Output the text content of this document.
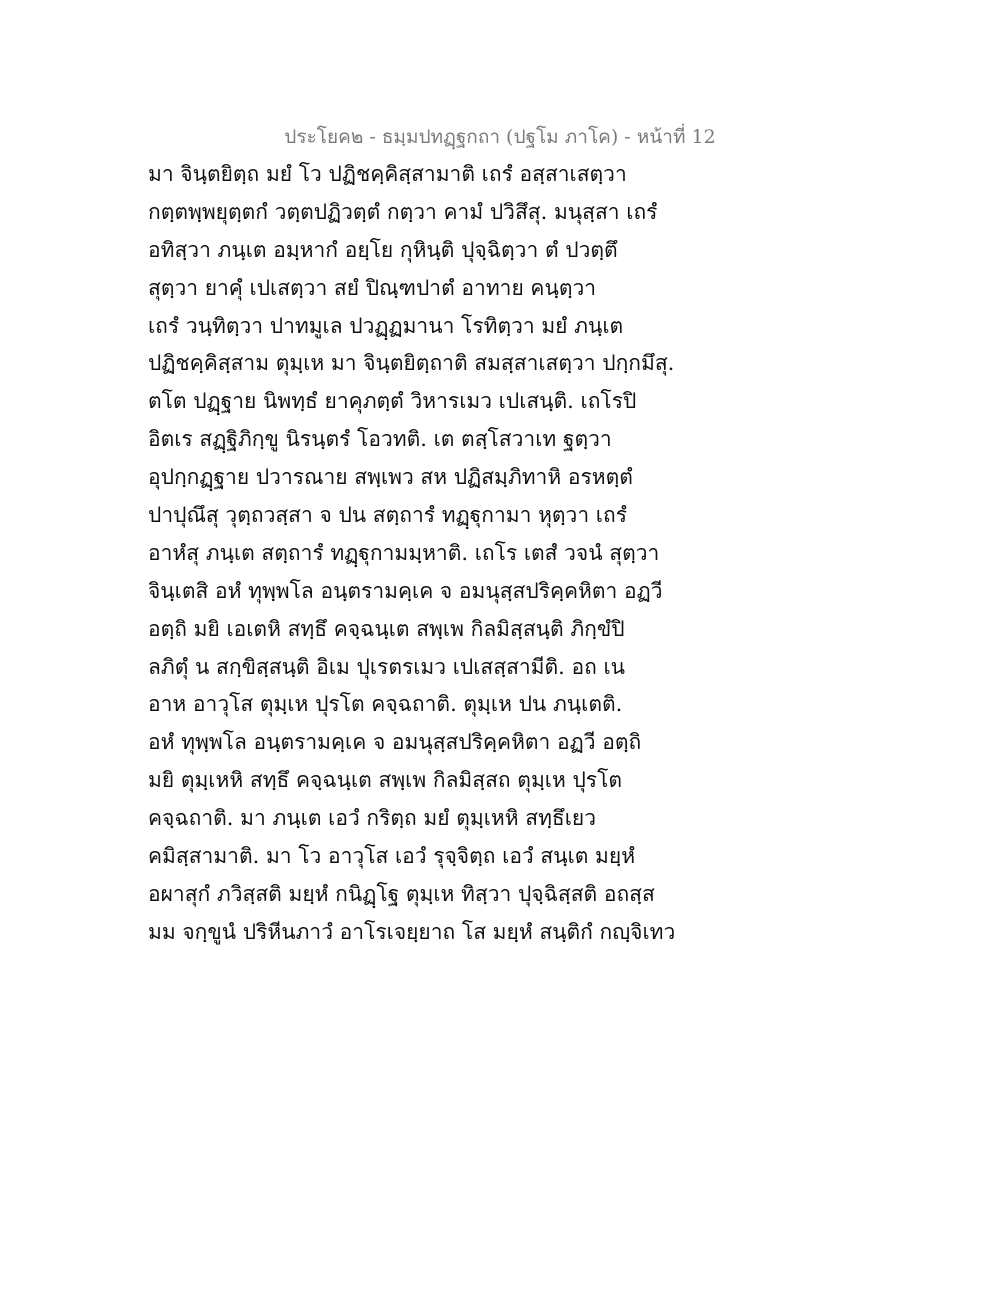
ประโยค๒ - ธมฺมปทฏฺฐกถา (ปฐโม ภาโค) - หน้าที่ 12
มา จินฺตยิตฺถ มยํ โว ปฏิชคฺคิสฺสามาติ เถรํ อสฺสาเสตฺวา
กตฺตพฺพยุตฺตกํ วตฺตปฏิวตฺตํ กตฺวา คามํ ปวิสึสุ. มนุสฺสา เถรํ
อทิสฺวา ภนฺเต อมฺหากํ อยฺโย กุหินฺติ ปุจฺฉิตฺวา ตํ ปวตฺตึ
สุตฺวา ยาคุํ เปเสตฺวา สยํ ปิณฺฑปาตํ อาทาย คนฺตฺวา
เถรํ วนฺทิตฺวา ปาทมูเล ปวฏฺฏมานา โรทิตฺวา มยํ ภนฺเต
ปฏิชคฺคิสฺสาม ตุมฺเห มา จินฺตยิตฺถาติ สมสฺสาเสตฺวา ปกฺกมึสุ.
ตโต ปฏฺฐาย นิพทฺธํ ยาคุภตฺตํ วิหารเมว เปเสนฺติ. เถโรปิ
อิตเร สฏฺฐิภิกฺขู นิรนฺตรํ โอวทติ. เต ตสฺโสวาเท ฐตฺวา
อุปกฺกฏฺฐาย ปวารณาย สพฺเพว สห ปฏิสมฺภิทาหิ อรหตฺตํ
ปาปุณึสุ วุตฺถวสฺสา จ ปน สตฺถารํ ทฏฺฐุกามา หุตฺวา เถรํ
อาหํสุ ภนฺเต สตฺถารํ ทฏฺฐุกามมฺหาติ. เถโร เตสํ วจนํ สุตฺวา
จินฺเตสิ อหํ ทุพฺพโล อนฺตรามคฺเค จ อมนุสฺสปริคฺคหิตา อฏวี
อตฺถิ มยิ เอเตหิ สทฺธึ คจฺฉนฺเต สพฺเพ กิลมิสฺสนฺติ ภิกฺขํปิ
ลภิตุํ น สกฺขิสฺสนฺติ อิเม ปุเรตรเมว เปเสสฺสามีติ. อถ เน
อาห อาวุโส ตุมฺเห ปุรโต คจฺฉถาติ. ตุมฺเห ปน ภนฺเตติ.
อหํ ทุพฺพโล อนฺตรามคฺเค จ อมนุสฺสปริคฺคหิตา อฏวี อตฺถิ
มยิ ตุมฺเหหิ สทฺธึ คจฺฉนฺเต สพฺเพ กิลมิสฺสถ ตุมฺเห ปุรโต
คจฺฉถาติ. มา ภนฺเต เอวํ กริตฺถ มยํ ตุมฺเหหิ สทฺธึเยว
คมิสฺสามาติ. มา โว อาวุโส เอวํ รุจฺจิตฺถ เอวํ สนฺเต มยฺหํ
อผาสุกํ ภวิสฺสติ มยฺหํ กนิฏฺโฐ ตุมฺเห ทิสฺวา ปุจฺฉิสฺสติ อถสฺส
มม จกฺขูนํ ปริหีนภาวํ อาโรเจยฺยาถ โส มยฺหํ สนฺติกํ กญฺจิเทว
